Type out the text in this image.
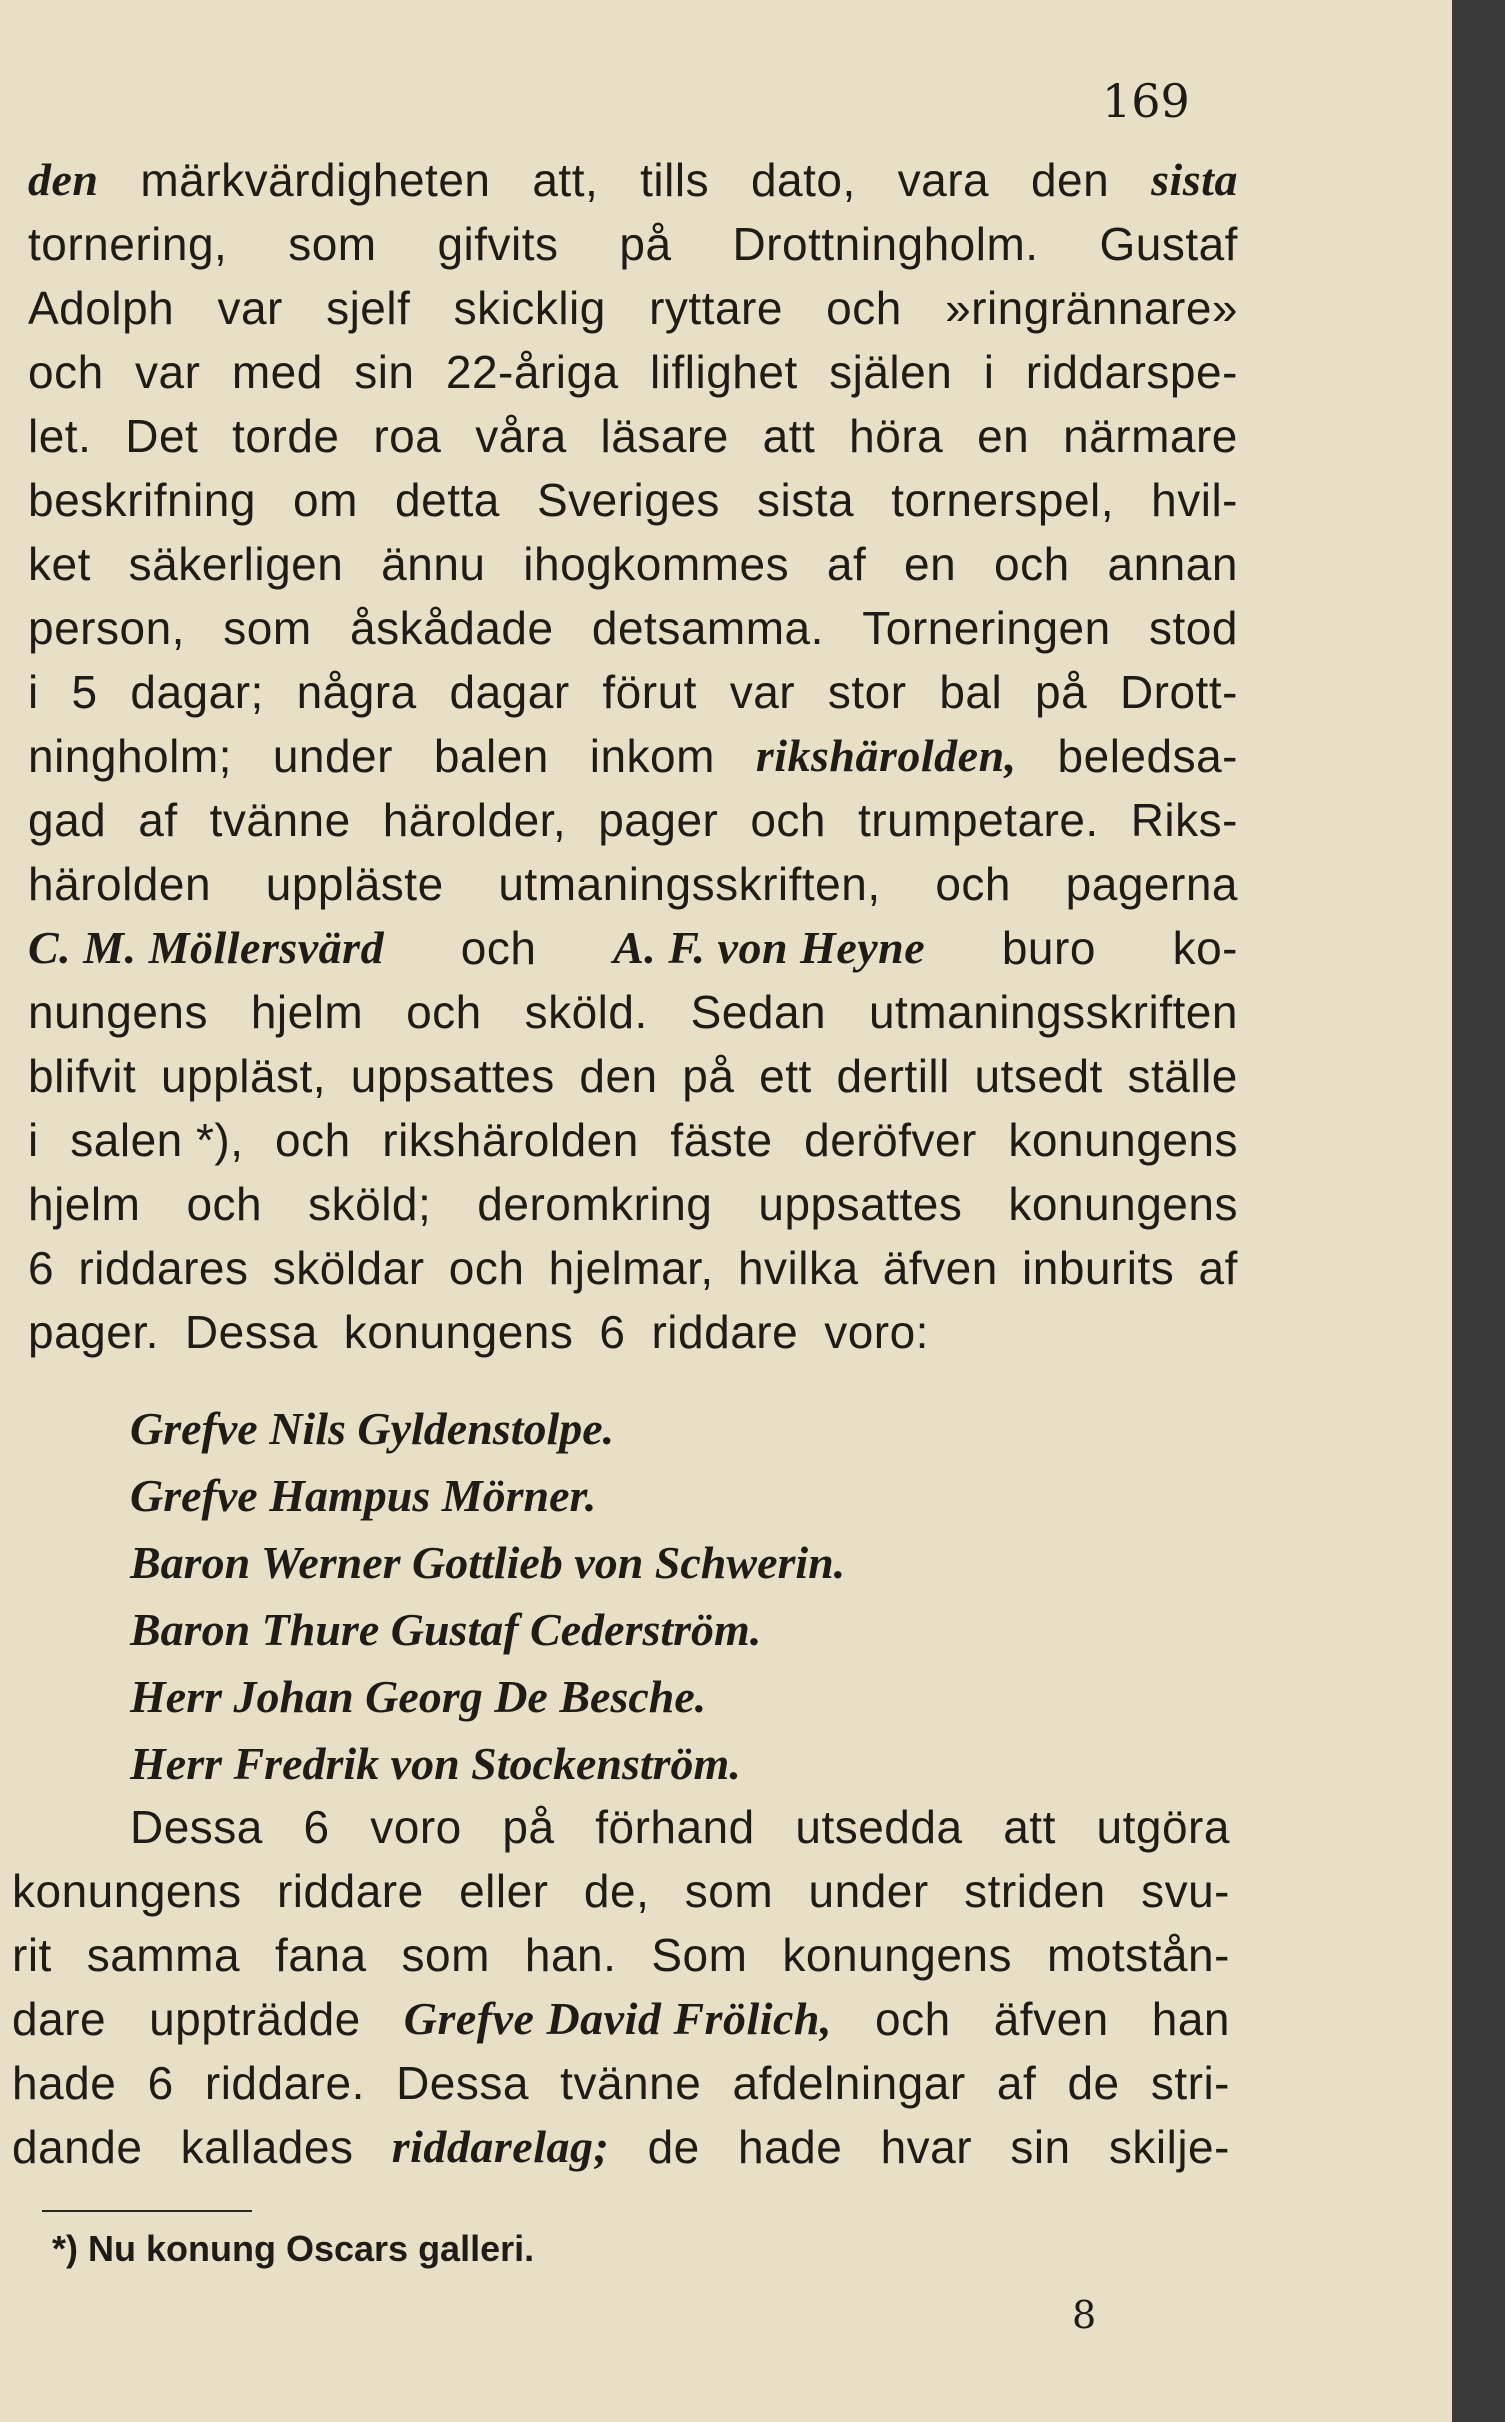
169
den märkvärdigheten att, tills dato, vara den sista
tornering, som gifvits på Drottningholm. Gustaf
Adolph var sjelf skicklig ryttare och »ringrännare»
och var med sin 22-åriga liflighet själen i riddarspe-
let. Det torde roa våra läsare att höra en närmare
beskrifning om detta Sveriges sista tornerspel, hvil-
ket säkerligen ännu ihogkommes af en och annan
person, som åskådade detsamma. Torneringen stod
i 5 dagar; några dagar förut var stor bal på Drott-
ningholm; under balen inkom rikshärolden, beledsa-
gad af tvänne härolder, pager och trumpetare. Riks-
härolden uppläste utmaningsskriften, och pagerna
C. M. Möllersvärd och A. F. von Heyne buro ko-
nungens hjelm och sköld. Sedan utmaningsskriften
blifvit uppläst, uppsattes den på ett dertill utsedt ställe
i salen *), och rikshärolden fäste deröfver konungens
hjelm och sköld; deromkring uppsattes konungens
6 riddares sköldar och hjelmar, hvilka äfven inburits af
pager. Dessa konungens 6 riddare voro:
Grefve Nils Gyldenstolpe.
Grefve Hampus Mörner.
Baron Werner Gottlieb von Schwerin.
Baron Thure Gustaf Cederström.
Herr Johan Georg De Besche.
Herr Fredrik von Stockenström.
Dessa 6 voro på förhand utsedda att utgöra
konungens riddare eller de, som under striden svu-
rit samma fana som han. Som konungens motstån-
dare uppträdde Grefve David Frölich, och äfven han
hade 6 riddare. Dessa tvänne afdelningar af de stri-
dande kallades riddarelag; de hade hvar sin skilje-
*) Nu konung Oscars galleri.
8
